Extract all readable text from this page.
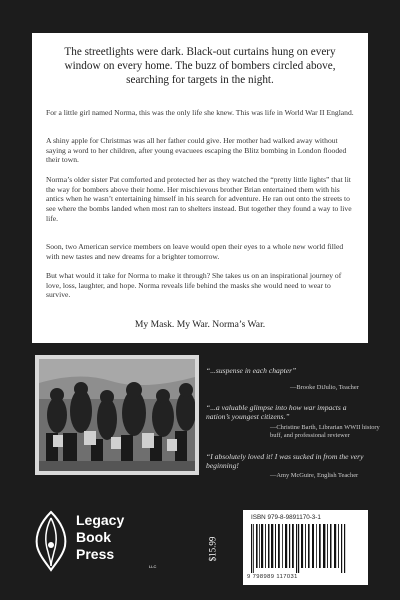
The streetlights were dark. Black-out curtains hung on every window on every home. The buzz of bombers circled above, searching for targets in the night.

For a little girl named Norma, this was the only life she knew. This was life in World War II England.

A shiny apple for Christmas was all her father could give. Her mother had walked away without saying a word to her children, after young evacuees escaping the Blitz bombing in London flooded their town.

Norma’s older sister Pat comforted and protected her as they watched the “pretty little lights” that lit the way for bombers above their home. Her mischievous brother Brian entertained them with his antics when he wasn’t entertaining himself in his search for adventure. He ran out onto the streets to see where the bombs landed when most ran to shelters instead. But together they found a way to live life.

Soon, two American service members on leave would open their eyes to a whole new world filled with new tastes and new dreams for a brighter tomorrow.

But what would it take for Norma to make it through? She takes us on an inspirational journey of love, loss, laughter, and hope. Norma reveals life behind the masks she would need to wear to survive.

My Mask. My War. Norma’s War.

“...suspense in each chapter”

—Brooke DiJulio, Teacher

“...a valuable glimpse into how war impacts a nation’s youngest citizens.”

—Christine Barth, Librarian WWII history buff, and professional reviewer

“I absolutely loved it! I was sucked in from the very beginning!

—Amy McGuire, English Teacher

Legacy
Book
Press
LLC
$15.99
ISBN 979-8-9891170-3-1
9 798989 117031
